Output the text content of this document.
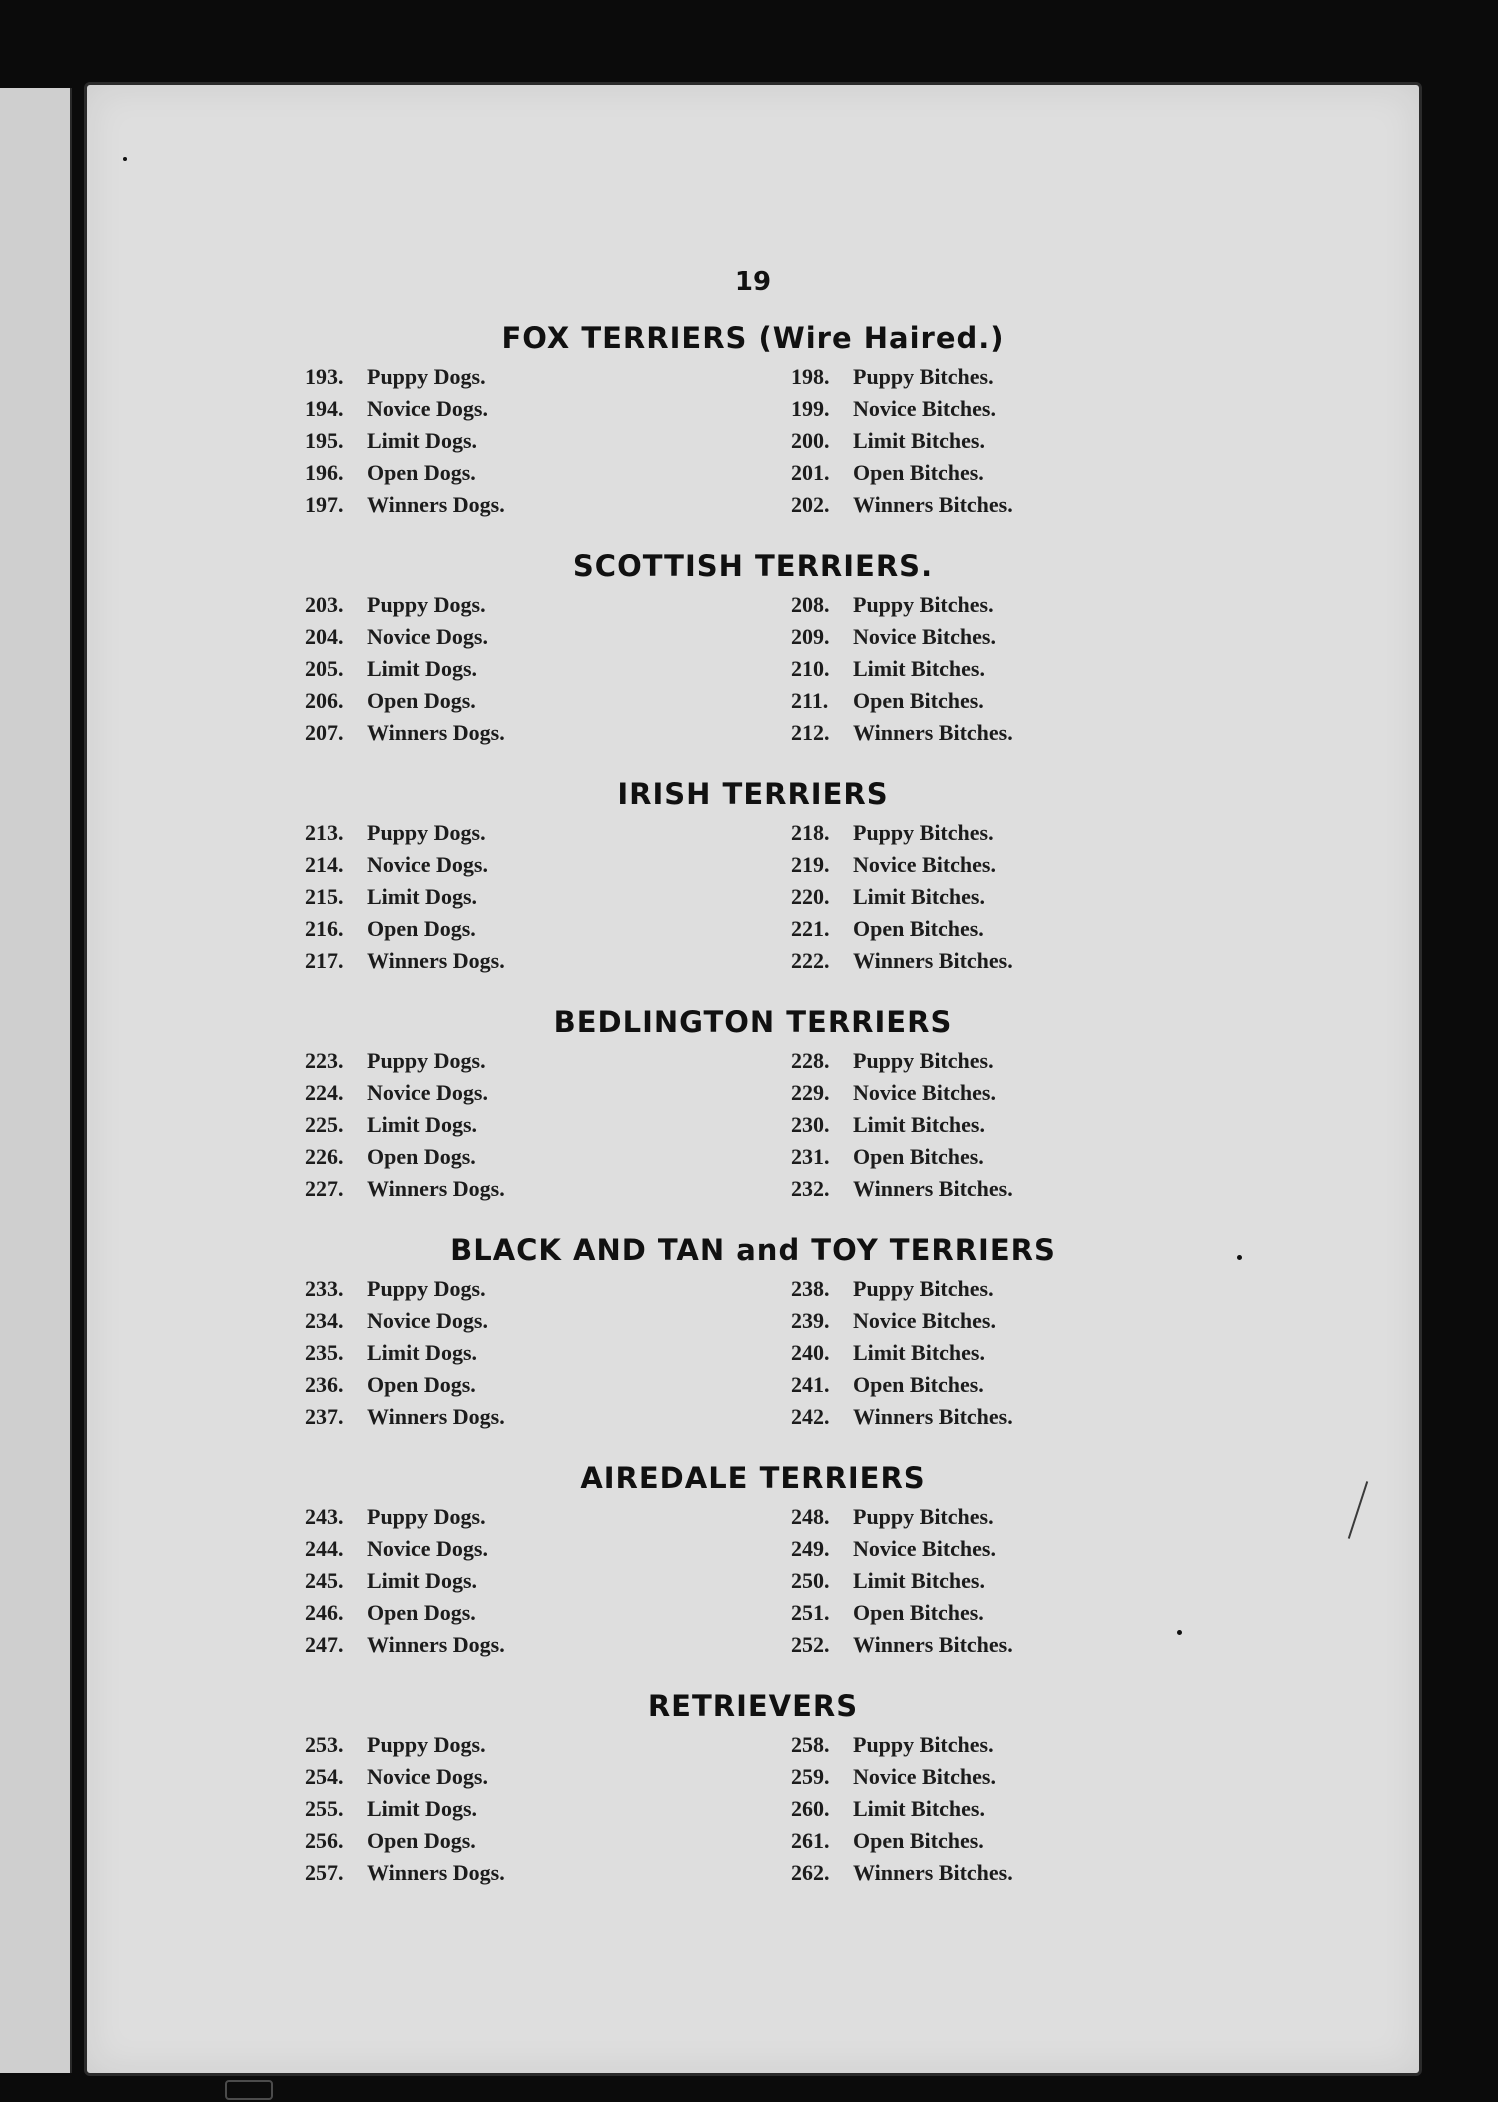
19
FOX TERRIERS (Wire Haired.)
193. Puppy Dogs.
194. Novice Dogs.
195. Limit Dogs.
196. Open Dogs.
197. Winners Dogs.
198. Puppy Bitches.
199. Novice Bitches.
200. Limit Bitches.
201. Open Bitches.
202. Winners Bitches.
SCOTTISH TERRIERS.
203. Puppy Dogs.
204. Novice Dogs.
205. Limit Dogs.
206. Open Dogs.
207. Winners Dogs.
208. Puppy Bitches.
209. Novice Bitches.
210. Limit Bitches.
211. Open Bitches.
212. Winners Bitches.
IRISH TERRIERS
213. Puppy Dogs.
214. Novice Dogs.
215. Limit Dogs.
216. Open Dogs.
217. Winners Dogs.
218. Puppy Bitches.
219. Novice Bitches.
220. Limit Bitches.
221. Open Bitches.
222. Winners Bitches.
BEDLINGTON TERRIERS
223. Puppy Dogs.
224. Novice Dogs.
225. Limit Dogs.
226. Open Dogs.
227. Winners Dogs.
228. Puppy Bitches.
229. Novice Bitches.
230. Limit Bitches.
231. Open Bitches.
232. Winners Bitches.
BLACK AND TAN and TOY TERRIERS
233. Puppy Dogs.
234. Novice Dogs.
235. Limit Dogs.
236. Open Dogs.
237. Winners Dogs.
238. Puppy Bitches.
239. Novice Bitches.
240. Limit Bitches.
241. Open Bitches.
242. Winners Bitches.
AIREDALE TERRIERS
243. Puppy Dogs.
244. Novice Dogs.
245. Limit Dogs.
246. Open Dogs.
247. Winners Dogs.
248. Puppy Bitches.
249. Novice Bitches.
250. Limit Bitches.
251. Open Bitches.
252. Winners Bitches.
RETRIEVERS
253. Puppy Dogs.
254. Novice Dogs.
255. Limit Dogs.
256. Open Dogs.
257. Winners Dogs.
258. Puppy Bitches.
259. Novice Bitches.
260. Limit Bitches.
261. Open Bitches.
262. Winners Bitches.
